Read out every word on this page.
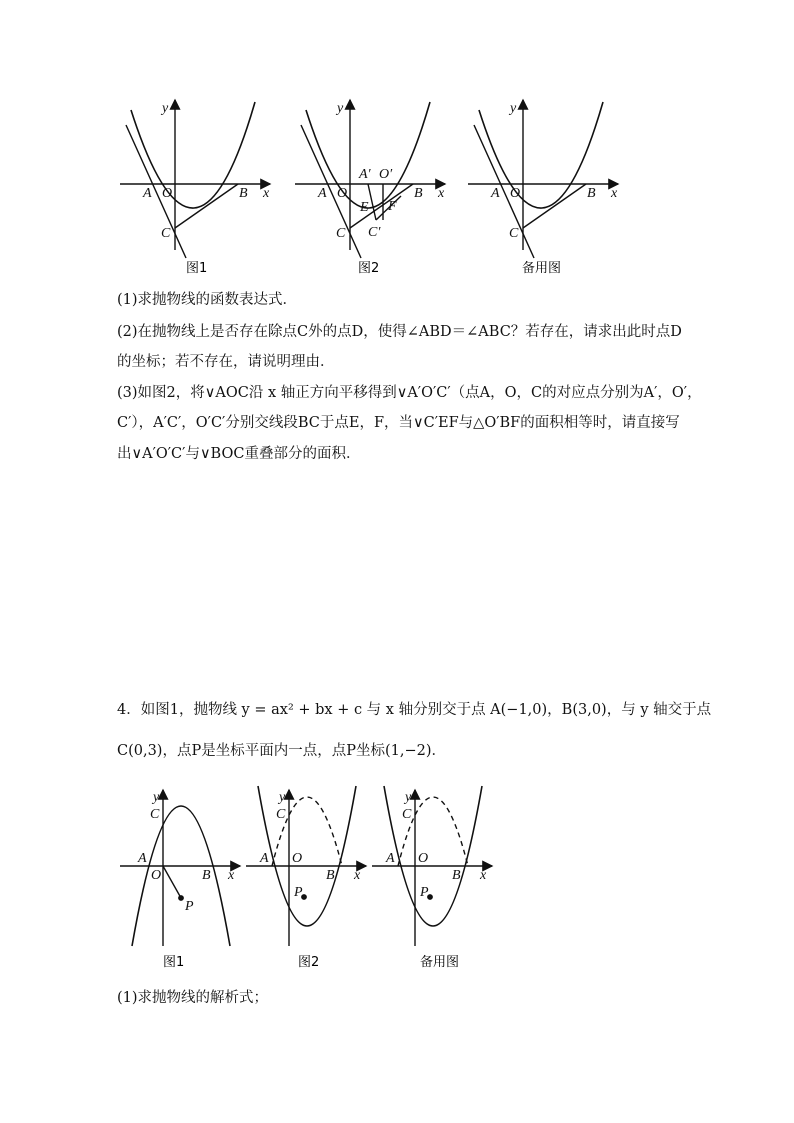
y
x
A O	B
C
y
x
A O	B
C
A′ O′
E F
C′
y
x
A O	B
C
图1	图2	备用图
y
x
A
O	B
C
P
y
x
A O
B
C
P
y
x
A O
B
C
P
图1	图2	备用图
(1)求抛物线的函数表达式．
(2)在抛物线上是否存在除点C外的点D，使得∠ABD＝∠ABC？若存在，请求出此时点D
的坐标；若不存在，请说明理由．
(3)如图2，将∨AOC沿 x 轴正方向平移得到∨A′O′C′（点A，O，C的对应点分别为A′，O′，
C′），A′C′，O′C′分别交线段BC于点E，F，当∨C′EF与△O′BF的面积相等时，请直接写
出∨A′O′C′与∨BOC重叠部分的面积．
4．如图1，抛物线 y = ax² + bx + c 与 x 轴分别交于点 A(−1,0)，B(3,0)，与 y 轴交于点
C(0,3)，点P是坐标平面内一点，点P坐标(1,−2)．
(1)求抛物线的解析式；
